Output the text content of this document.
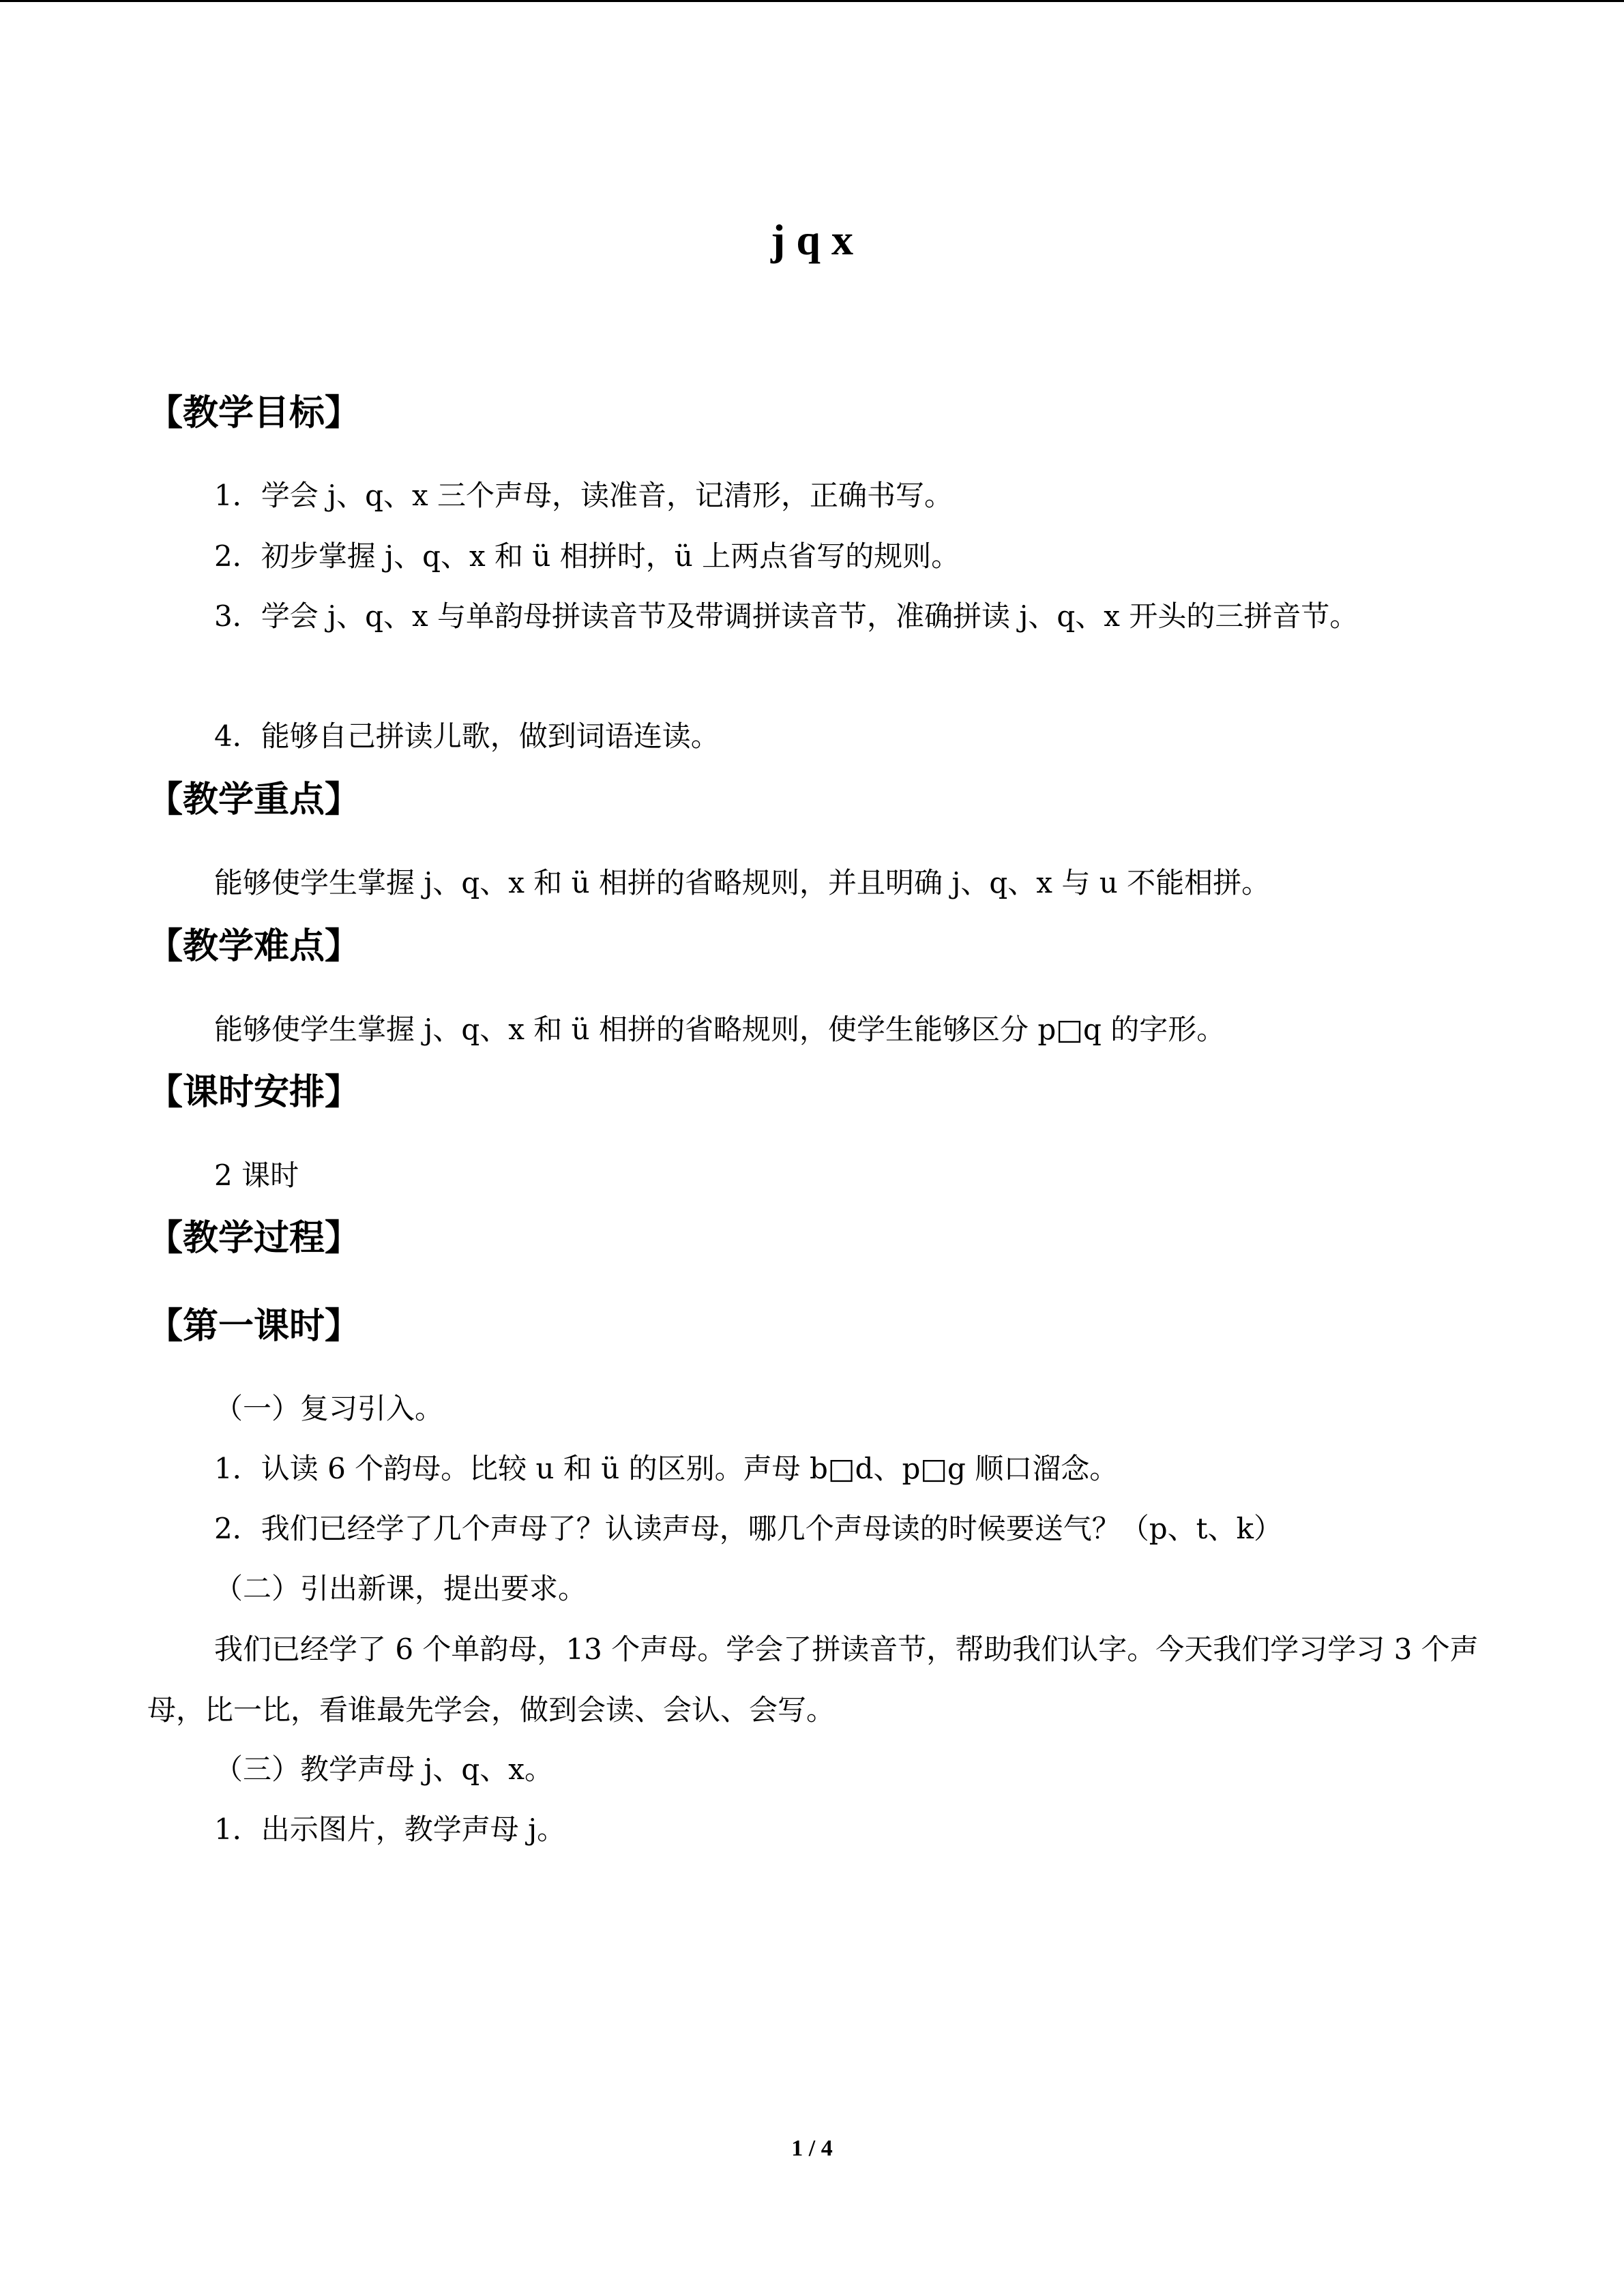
j q x
【教学目标】
1．学会 j、q、x 三个声母，读准音，记清形，正确书写。
2．初步掌握 j、q、x 和 ü 相拼时，ü 上两点省写的规则。
3．学会 j、q、x 与单韵母拼读音节及带调拼读音节，准确拼读 j、q、x 开头的三拼音节。
4．能够自己拼读儿歌，做到词语连读。
【教学重点】
能够使学生掌握 j、q、x 和 ü 相拼的省略规则，并且明确 j、q、x 与 u 不能相拼。
【教学难点】
能够使学生掌握 j、q、x 和 ü 相拼的省略规则，使学生能够区分 p□q 的字形。
【课时安排】
2 课时
【教学过程】
【第一课时】
（一）复习引入。
1．认读 6 个韵母。比较 u 和 ü 的区别。声母 b□d、p□g 顺口溜念。
2．我们已经学了几个声母了？认读声母，哪几个声母读的时候要送气？（p、t、k）
（二）引出新课，提出要求。
我们已经学了 6 个单韵母，13 个声母。学会了拼读音节，帮助我们认字。今天我们学习学习 3 个声母，比一比，看谁最先学会，做到会读、会认、会写。
（三）教学声母 j、q、x。
1．出示图片，教学声母 j。
1 / 4
